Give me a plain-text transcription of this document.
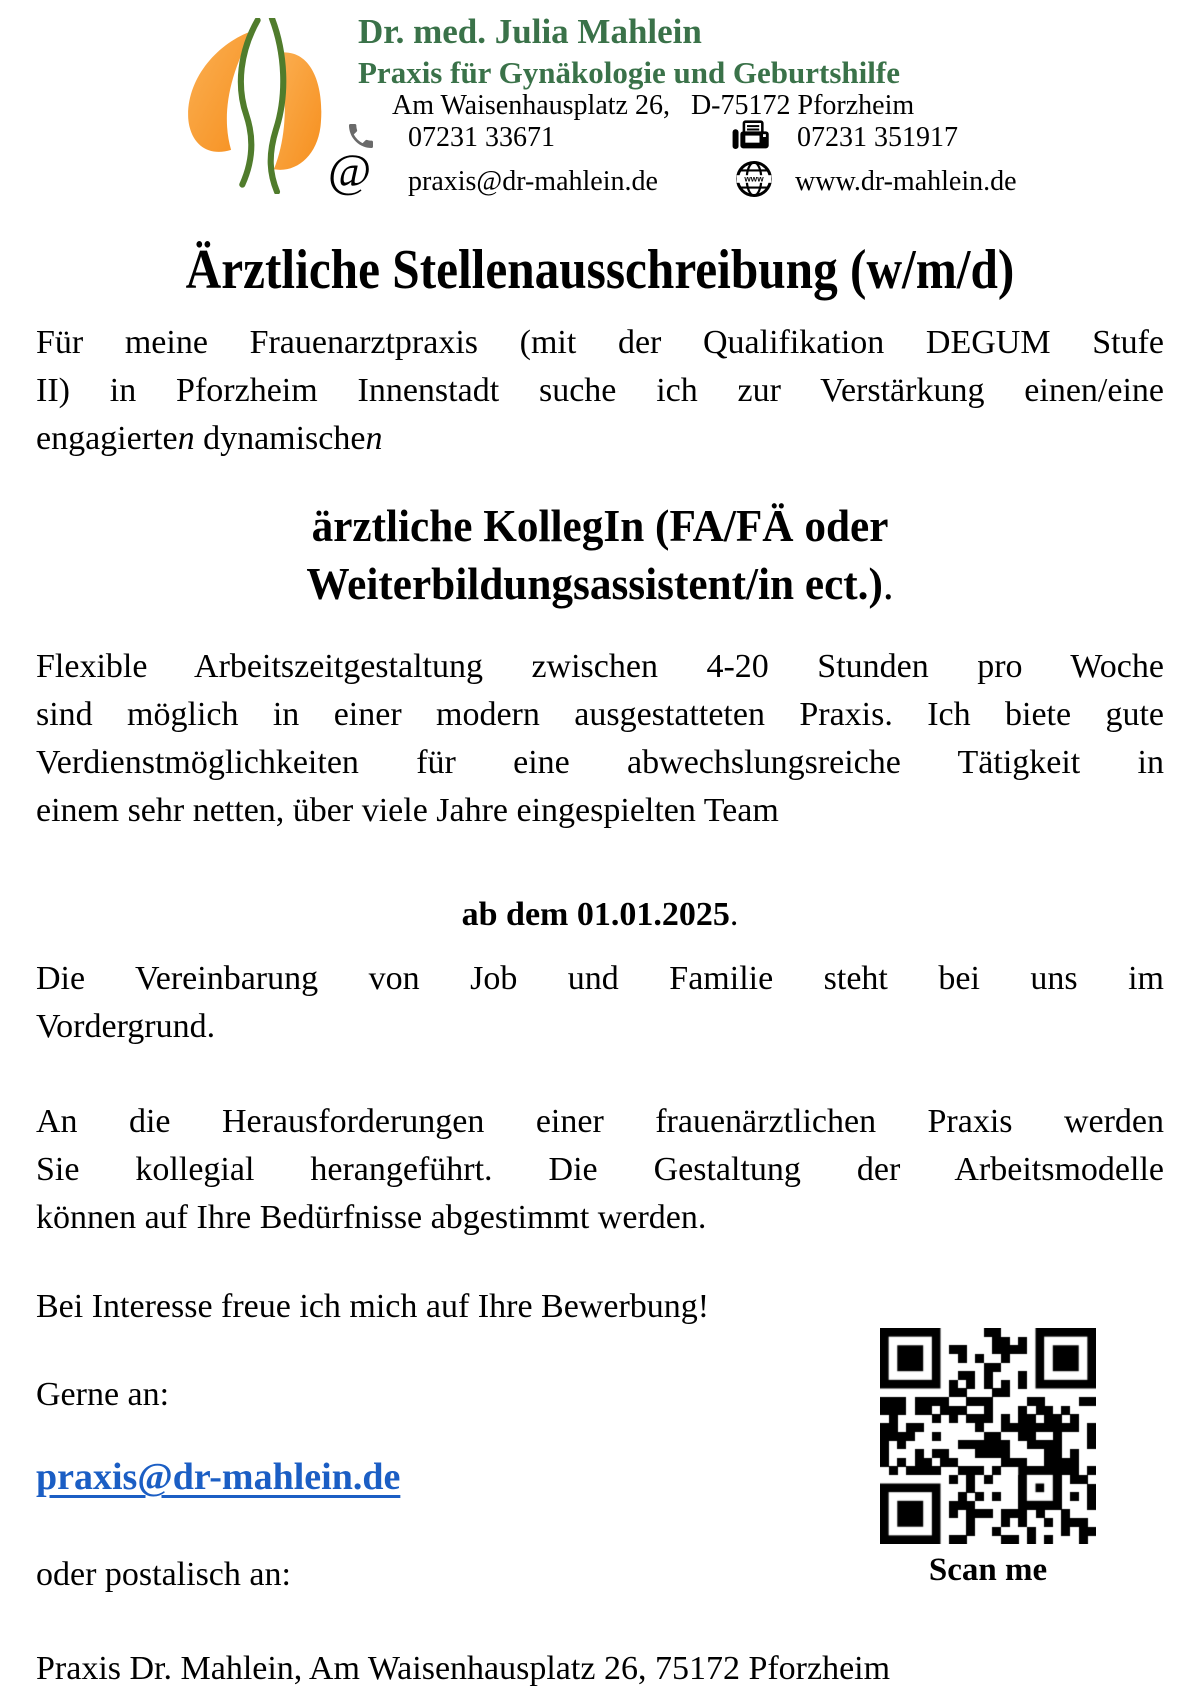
Dr. med. Julia Mahlein
Praxis für Gynäkologie und Geburtshilfe
Am Waisenhausplatz 26,   D-75172 Pforzheim
07231 33671	07231 351917
@ praxis@dr-mahlein.de	www www.dr-mahlein.de
Ärztliche Stellenausschreibung (w/m/d)
Für meine Frauenarztpraxis (mit der Qualifikation DEGUM Stufe
II) in Pforzheim Innenstadt suche ich zur Verstärkung einen/eine
engagierten dynamischen
ärztliche KollegIn (FA/FÄ oder
Weiterbildungsassistent/in ect.).
Flexible Arbeitszeitgestaltung zwischen 4-20 Stunden pro Woche
sind möglich in einer modern ausgestatteten Praxis. Ich biete gute
Verdienstmöglichkeiten für eine abwechslungsreiche Tätigkeit in
einem sehr netten, über viele Jahre eingespielten Team
ab dem 01.01.2025.
Die Vereinbarung von Job und Familie steht bei uns im
Vordergrund.
An die Herausforderungen einer frauenärztlichen Praxis werden
Sie kollegial herangeführt. Die Gestaltung der Arbeitsmodelle
können auf Ihre Bedürfnisse abgestimmt werden.
Bei Interesse freue ich mich auf Ihre Bewerbung!
Gerne an:
praxis@dr-mahlein.de
oder postalisch an:
Praxis Dr. Mahlein, Am Waisenhausplatz 26, 75172 Pforzheim
Scan me
